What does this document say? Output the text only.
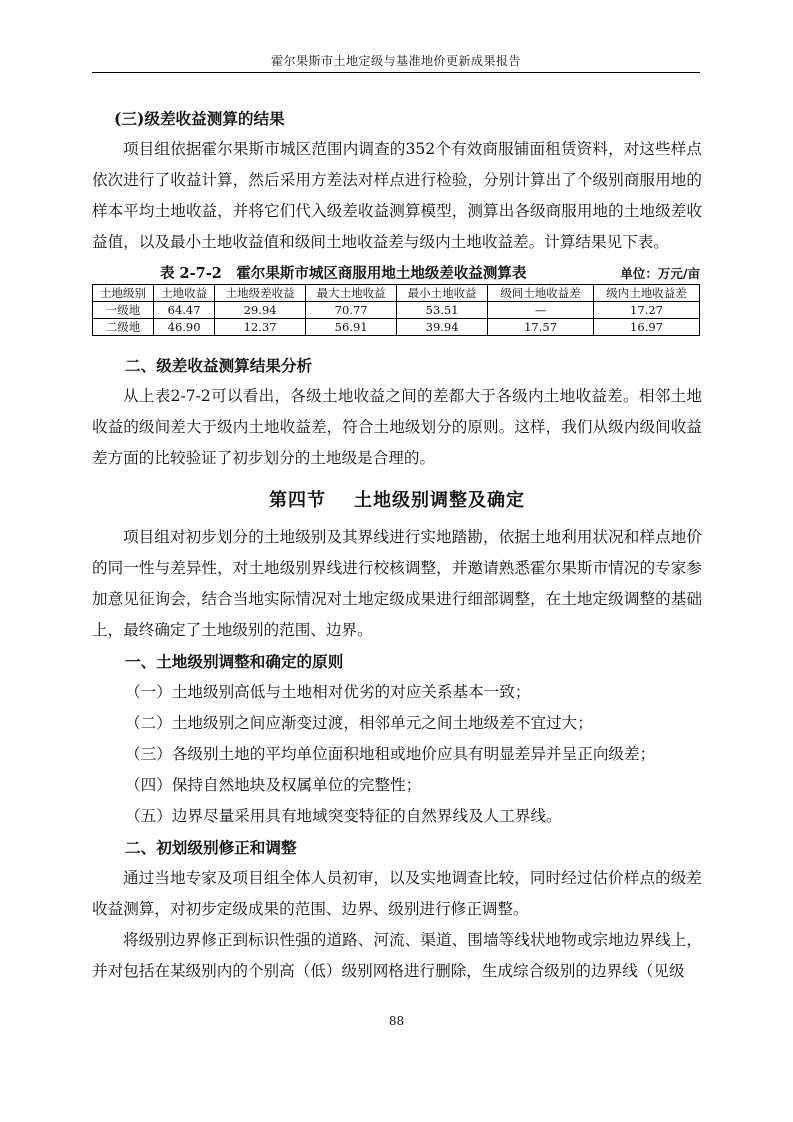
霍尔果斯市土地定级与基准地价更新成果报告
(三)级差收益测算的结果

项目组依据霍尔果斯市城区范围内调查的352个有效商服铺面租赁资料，对这些样点依次进行了收益计算，然后采用方差法对样点进行检验，分别计算出了个级别商服用地的样本平均土地收益，并将它们代入级差收益测算模型，测算出各级商服用地的土地级差收益值，以及最小土地收益值和级间土地收益差与级内土地收益差。计算结果见下表。

表 2-7-2　霍尔果斯市城区商服用地土地级差收益测算表	单位：万元/亩
土地级别	土地收益	土地级差收益	最大土地收益	最小土地收益	级间土地收益差	级内土地收益差
一级地	64.47	29.94	70.77	53.51	—	17.27
二级地	46.90	12.37	56.91	39.94	17.57	16.97
二、级差收益测算结果分析

从上表2-7-2可以看出，各级土地收益之间的差都大于各级内土地收益差。相邻土地收益的级间差大于级内土地收益差，符合土地级划分的原则。这样，我们从级内级间收益差方面的比较验证了初步划分的土地级是合理的。

第四节 土地级别调整及确定

项目组对初步划分的土地级别及其界线进行实地踏勘，依据土地利用状况和样点地价的同一性与差异性，对土地级别界线进行校核调整，并邀请熟悉霍尔果斯市情况的专家参加意见征询会，结合当地实际情况对土地定级成果进行细部调整，在土地定级调整的基础上，最终确定了土地级别的范围、边界。

一、土地级别调整和确定的原则

（一）土地级别高低与土地相对优劣的对应关系基本一致；

（二）土地级别之间应渐变过渡，相邻单元之间土地级差不宜过大；

（三）各级别土地的平均单位面积地租或地价应具有明显差异并呈正向级差；

（四）保持自然地块及权属单位的完整性；

（五）边界尽量采用具有地域突变特征的自然界线及人工界线。

二、初划级别修正和调整

通过当地专家及项目组全体人员初审，以及实地调查比较，同时经过估价样点的级差收益测算，对初步定级成果的范围、边界、级别进行修正调整。

将级别边界修正到标识性强的道路、河流、渠道、围墙等线状地物或宗地边界线上，并对包括在某级别内的个别高（低）级别网格进行删除，生成综合级别的边界线（见级

88
